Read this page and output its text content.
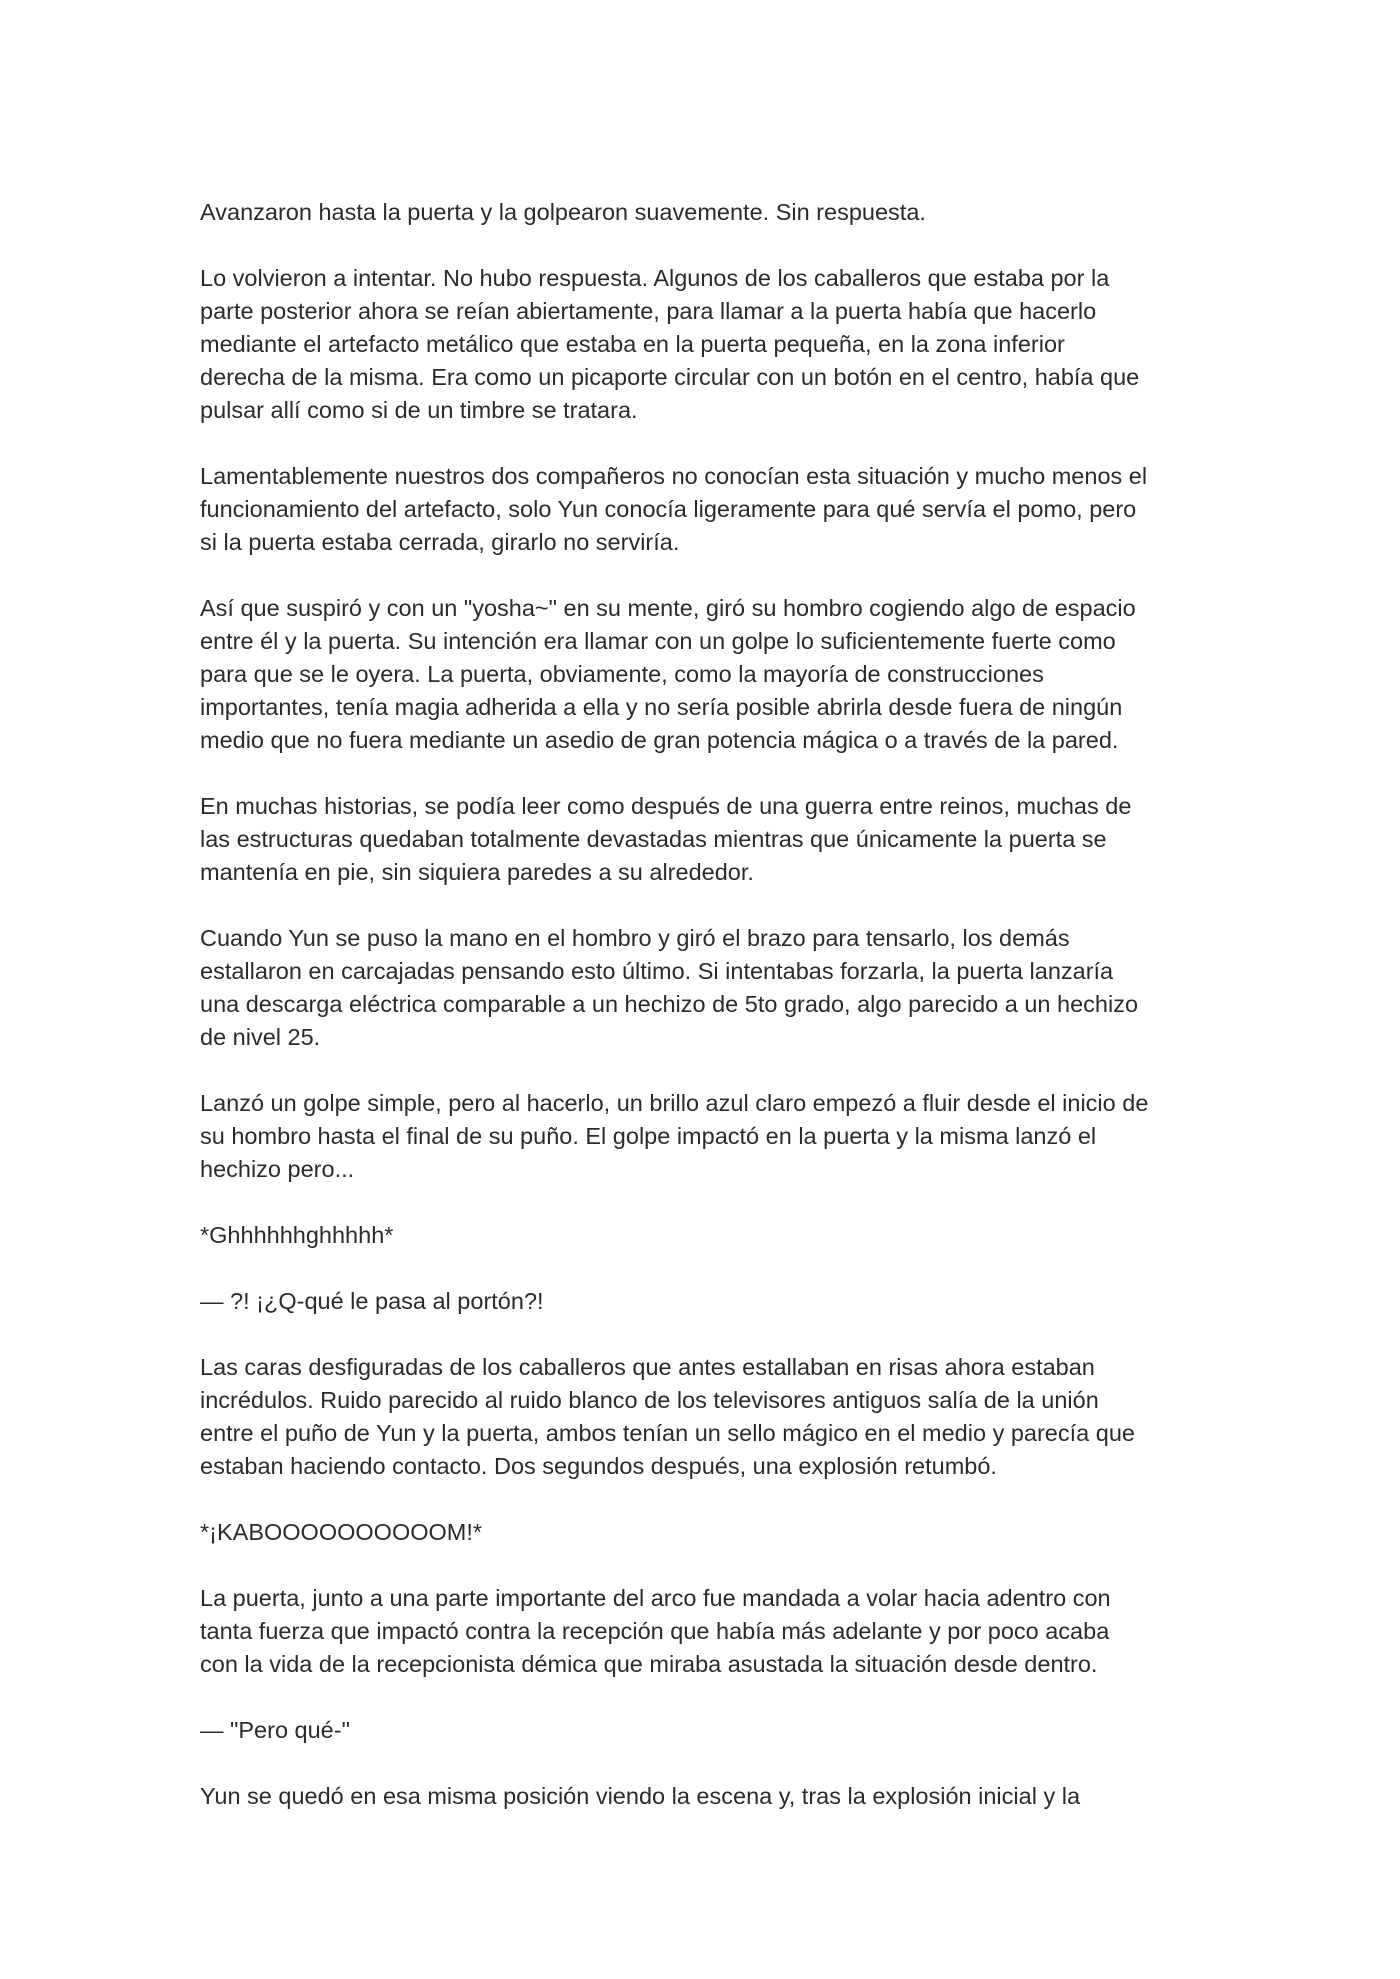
Avanzaron hasta la puerta y la golpearon suavemente. Sin respuesta.

Lo volvieron a intentar. No hubo respuesta. Algunos de los caballeros que estaba por la
parte posterior ahora se reían abiertamente, para llamar a la puerta había que hacerlo
mediante el artefacto metálico que estaba en la puerta pequeña, en la zona inferior
derecha de la misma. Era como un picaporte circular con un botón en el centro, había que
pulsar allí como si de un timbre se tratara.

Lamentablemente nuestros dos compañeros no conocían esta situación y mucho menos el
funcionamiento del artefacto, solo Yun conocía ligeramente para qué servía el pomo, pero
si la puerta estaba cerrada, girarlo no serviría.

Así que suspiró y con un "yosha~" en su mente, giró su hombro cogiendo algo de espacio
entre él y la puerta. Su intención era llamar con un golpe lo suficientemente fuerte como
para que se le oyera. La puerta, obviamente, como la mayoría de construcciones
importantes, tenía magia adherida a ella y no sería posible abrirla desde fuera de ningún
medio que no fuera mediante un asedio de gran potencia mágica o a través de la pared.

En muchas historias, se podía leer como después de una guerra entre reinos, muchas de
las estructuras quedaban totalmente devastadas mientras que únicamente la puerta se
mantenía en pie, sin siquiera paredes a su alrededor.

Cuando Yun se puso la mano en el hombro y giró el brazo para tensarlo, los demás
estallaron en carcajadas pensando esto último. Si intentabas forzarla, la puerta lanzaría
una descarga eléctrica comparable a un hechizo de 5to grado, algo parecido a un hechizo
de nivel 25.

Lanzó un golpe simple, pero al hacerlo, un brillo azul claro empezó a fluir desde el inicio de
su hombro hasta el final de su puño. El golpe impactó en la puerta y la misma lanzó el
hechizo pero...

*Ghhhhhhghhhhh*

— ?! ¡¿Q-qué le pasa al portón?!

Las caras desfiguradas de los caballeros que antes estallaban en risas ahora estaban
incrédulos. Ruido parecido al ruido blanco de los televisores antiguos salía de la unión
entre el puño de Yun y la puerta, ambos tenían un sello mágico en el medio y parecía que
estaban haciendo contacto. Dos segundos después, una explosión retumbó.

*¡KABOOOOOOOOOOM!*

La puerta, junto a una parte importante del arco fue mandada a volar hacia adentro con
tanta fuerza que impactó contra la recepción que había más adelante y por poco acaba
con la vida de la recepcionista démica que miraba asustada la situación desde dentro.

— "Pero qué-"

Yun se quedó en esa misma posición viendo la escena y, tras la explosión inicial y la
